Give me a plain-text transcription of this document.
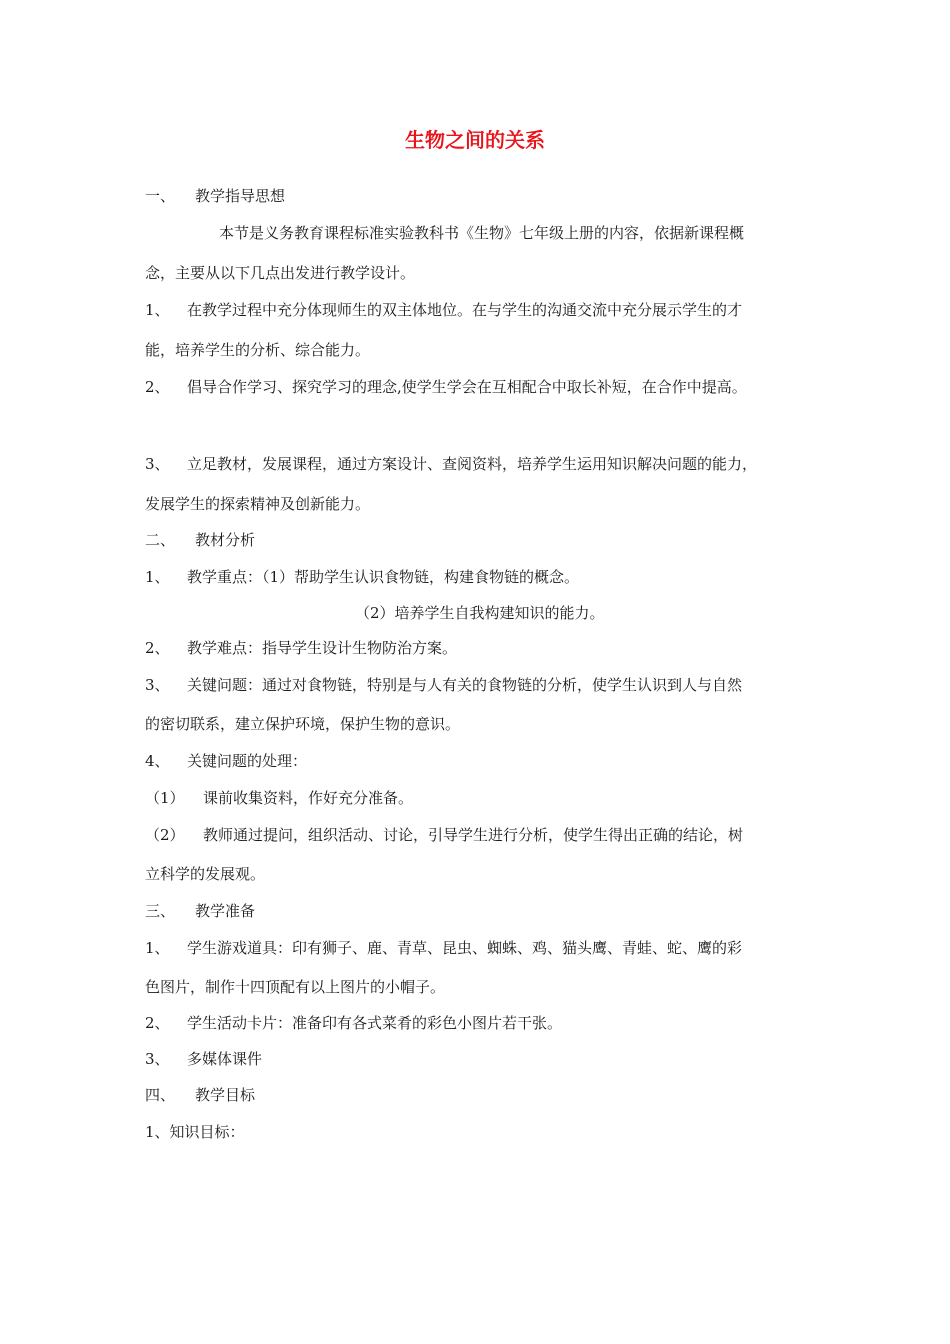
生物之间的关系
一、 教学指导思想
本节是义务教育课程标准实验教科书《生物》七年级上册的内容，依据新课程概
念，主要从以下几点出发进行教学设计。
1、 在教学过程中充分体现师生的双主体地位。在与学生的沟通交流中充分展示学生的才
能，培养学生的分析、综合能力。
2、 倡导合作学习、探究学习的理念,使学生学会在互相配合中取长补短，在合作中提高。
3、 立足教材，发展课程，通过方案设计、查阅资料，培养学生运用知识解决问题的能力，
发展学生的探索精神及创新能力。
二、 教材分析
1、 教学重点：（1）帮助学生认识食物链，构建食物链的概念。
（2）培养学生自我构建知识的能力。
2、 教学难点：指导学生设计生物防治方案。
3、 关键问题：通过对食物链，特别是与人有关的食物链的分析，使学生认识到人与自然
的密切联系，建立保护环境，保护生物的意识。
4、 关键问题的处理：
（1） 课前收集资料，作好充分准备。
（2） 教师通过提问，组织活动、讨论，引导学生进行分析，使学生得出正确的结论，树
立科学的发展观。
三、 教学准备
1、 学生游戏道具：印有狮子、鹿、青草、昆虫、蜘蛛、鸡、猫头鹰、青蛙、蛇、鹰的彩
色图片，制作十四顶配有以上图片的小帽子。
2、 学生活动卡片：准备印有各式菜肴的彩色小图片若干张。
3、 多媒体课件
四、 教学目标
1、知识目标：
